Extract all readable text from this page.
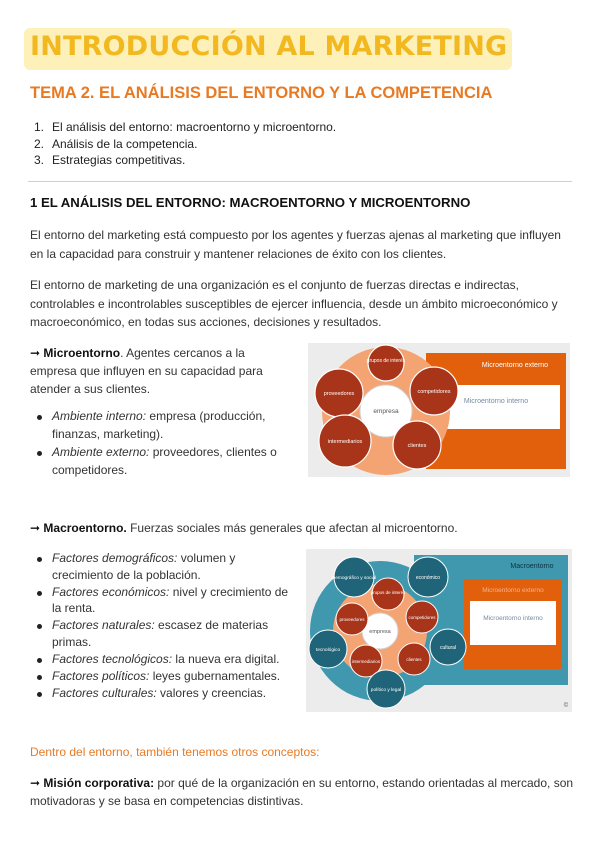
INTRODUCCIÓN AL MARKETING
TEMA 2. EL ANÁLISIS DEL ENTORNO Y LA COMPETENCIA
1. El análisis del entorno: macroentorno y microentorno.
2. Análisis de la competencia.
3. Estrategias competitivas.
1 EL ANÁLISIS DEL ENTORNO: MACROENTORNO Y MICROENTORNO

El entorno del marketing está compuesto por los agentes y fuerzas ajenas al marketing que influyen en la capacidad para construir y mantener relaciones de éxito con los clientes.

El entorno de marketing de una organización es el conjunto de fuerzas directas e indirectas, controlables e incontrolables susceptibles de ejercer influencia, desde un ámbito microeconómico y macroeconómico, en todas sus acciones, decisiones y resultados.

➞ Microentorno. Agentes cercanos a la empresa que influyen en su capacidad para atender a sus clientes.

Ambiente interno: empresa (producción, finanzas, marketing).
Ambiente externo: proveedores, clientes o competidores.
Microentorno externo
Microentorno interno
empresa
grupos de interés
proveedores	competidores
intermediarios
clientes

➞ Macroentorno. Fuerzas sociales más generales que afectan al microentorno.

Factores demográficos: volumen y crecimiento de la población.
Factores económicos: nivel y crecimiento de la renta.
Factores naturales: escasez de materias primas.
Factores tecnológicos: la nueva era digital.
Factores políticos: leyes gubernamentales.
Factores culturales: valores y creencias.
Macroentorno
Microentorno externo
Microentorno interno
empresa
grupos de interés
competidores
clientes
intermediarios
proveedores
Demográfico y social	económico
cultural
político y legal
tecnológico
©

Dentro del entorno, también tenemos otros conceptos:

➞ Misión corporativa: por qué de la organización en su entorno, estando orientadas al mercado, son motivadoras y se basa en competencias distintivas.
